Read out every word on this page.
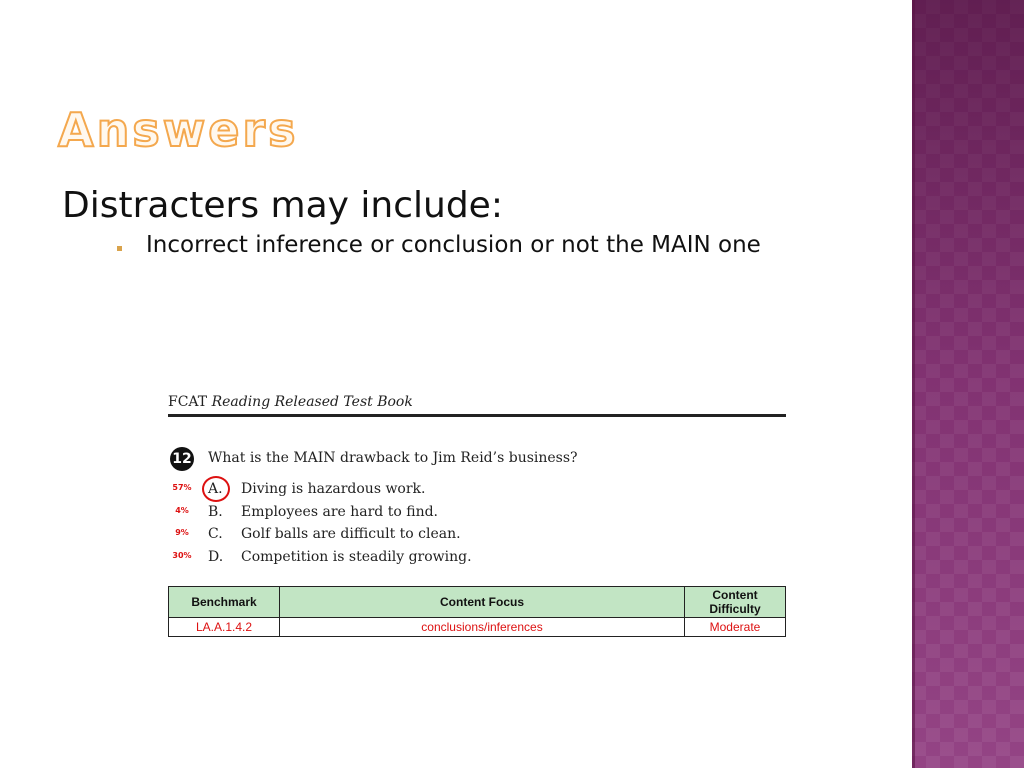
Answers

Distracters may include:

Incorrect inference or conclusion or not the MAIN one
FCAT Reading Released Test Book
12 What is the MAIN drawback to Jim Reid’s business?
57%	A. Diving is hazardous work.
4%	B. Employees are hard to find.
9%	C. Golf balls are difficult to clean.
30%	D. Competition is steadily growing.
Benchmark	Content Focus	Content Difficulty
LA.A.1.4.2	conclusions/inferences	Moderate
